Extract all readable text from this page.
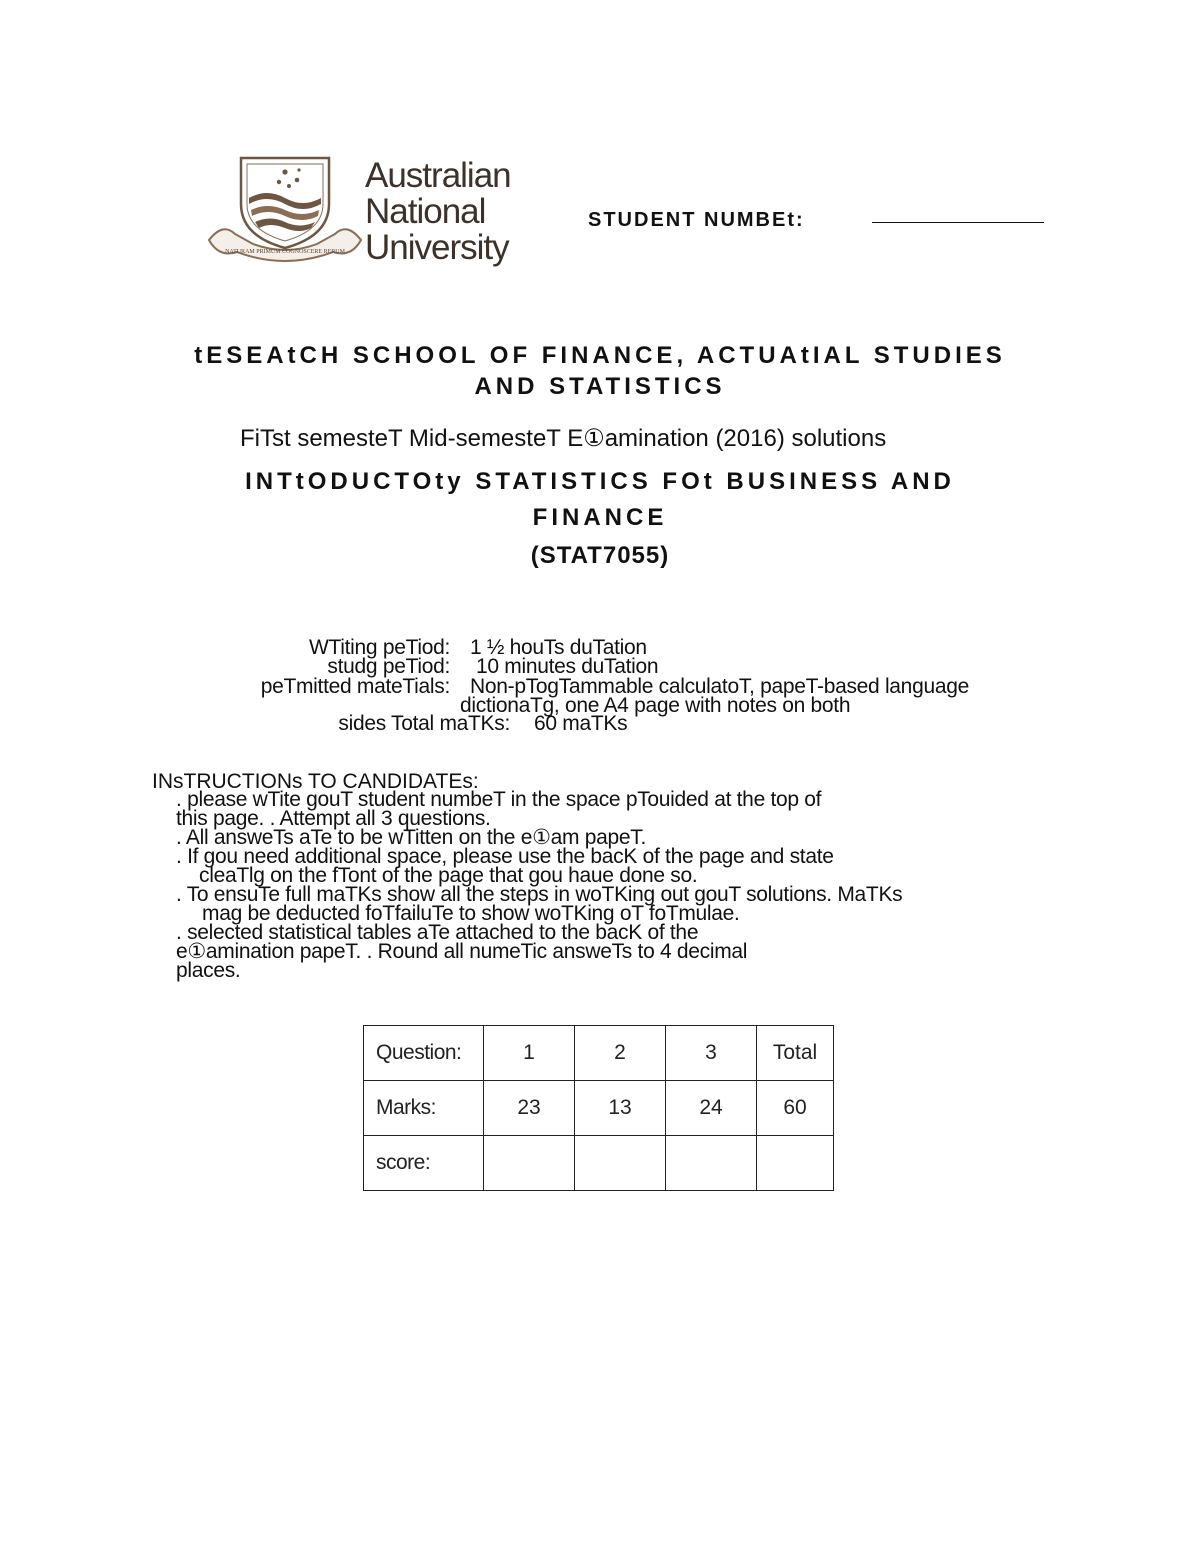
NATURAM PRIMUM COGNOSCERE RERUM
Australian
National
University
STUDENT NUMBEt:
tESEAtCH SCHOOL OF FINANCE, ACTUAtIAL STUDIES
AND STATISTICS
FiTst semesteT Mid-semesteT E①amination (2016) solutions
INTtODUCTOty STATISTICS FOt BUSINESS AND
FINANCE
(STAT7055)
WTiting peTiod: 1 ½ houTs duTation
studg peTiod: 10 minutes duTation
peTmitted mateTials: Non-pTogTammable calculatoT, papeT-based language
dictionaTg, one A4 page with notes on both
sides Total maTKs: 60 maTKs
INsTRUCTIONs TO CANDIDATEs:
. please wTite gouT student numbeT in the space pTouided at the top of
this page. . Attempt all 3 questions.
. All answeTs aTe to be wTitten on the e①am papeT.
. If gou need additional space, please use the bacK of the page and state
cleaTlg on the fTont of the page that gou haue done so.
. To ensuTe full maTKs show all the steps in woTKing out gouT solutions. MaTKs
mag be deducted foTfailuTe to show woTKing oT foTmulae.
. selected statistical tables aTe attached to the bacK of the
e①amination papeT. . Round all numeTic answeTs to 4 decimal
places.
Question:	1	2	3	Total
Marks:	23	13	24	60
score:				
